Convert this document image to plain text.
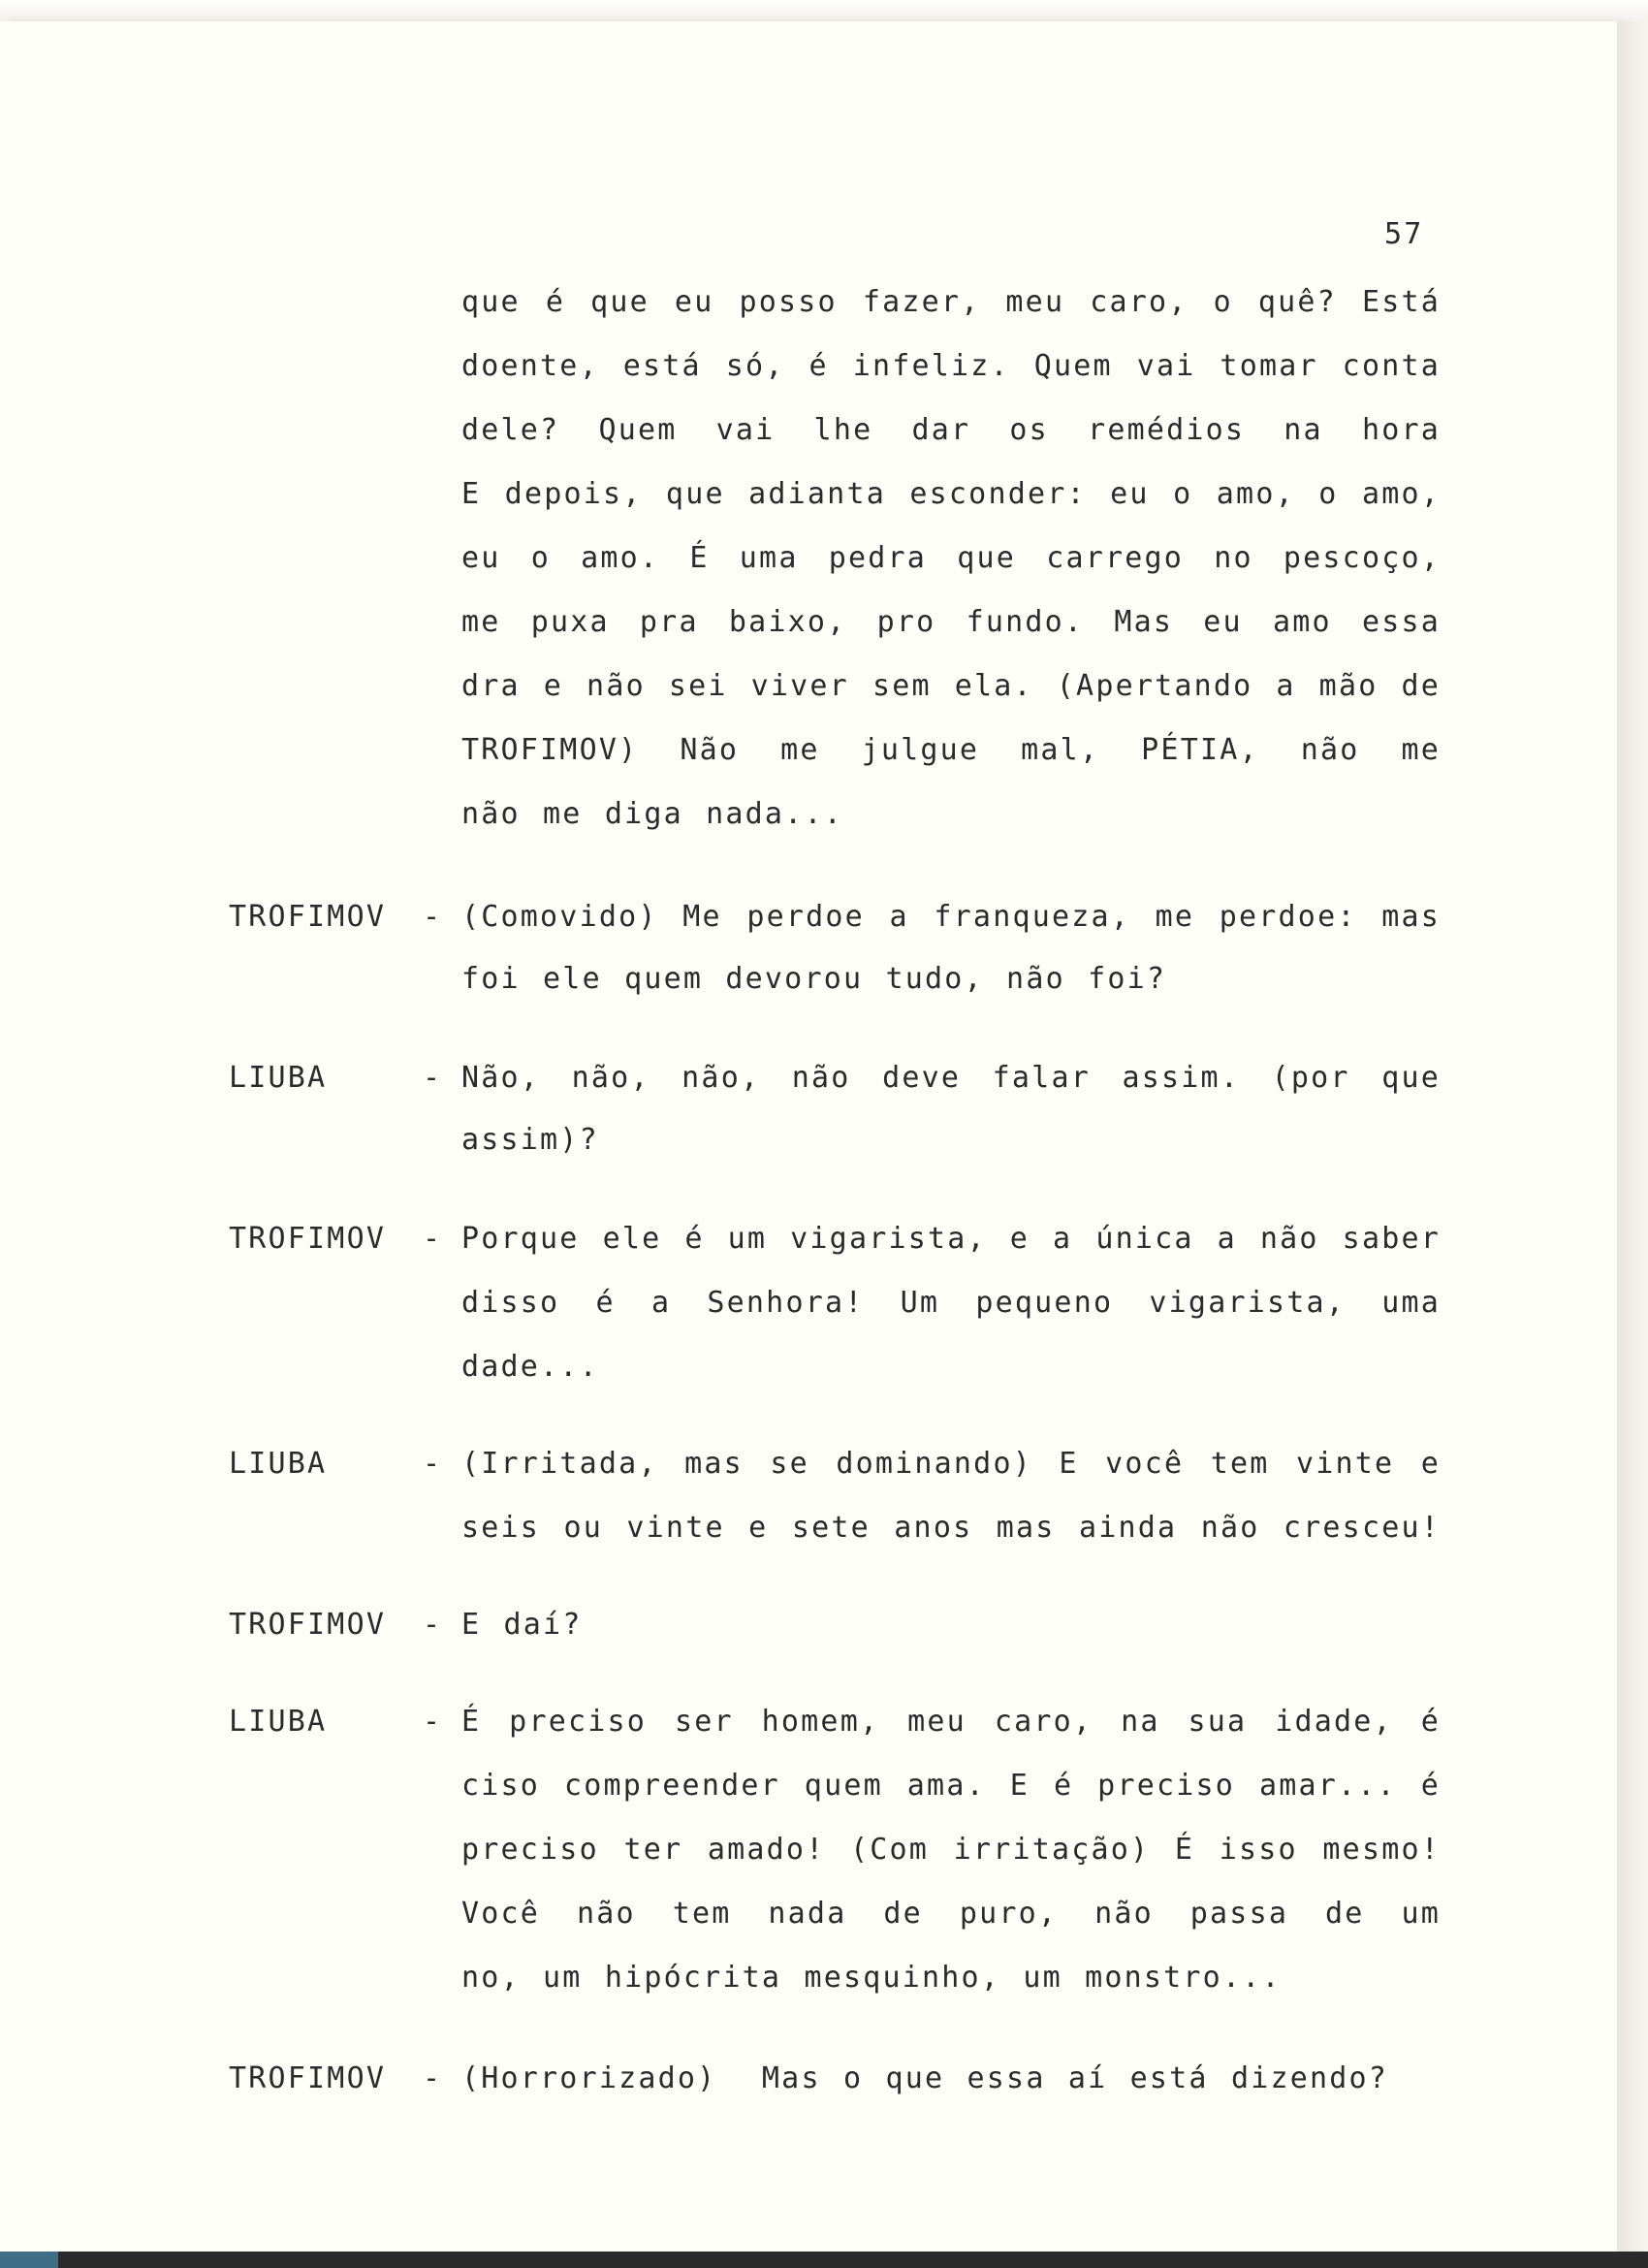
57
que é que eu posso fazer, meu caro, o quê? Está
doente, está só, é infeliz. Quem vai tomar conta
dele? Quem vai lhe dar os remédios na hora
E depois, que adianta esconder: eu o amo, o amo,
eu o amo. É uma pedra que carrego no pescoço,
me puxa pra baixo, pro fundo. Mas eu amo essa
dra e não sei viver sem ela. (Apertando a mão de
TROFIMOV) Não me julgue mal, PÉTIA, não me
não me diga nada...
TROFIMOV	- (Comovido) Me perdoe a franqueza, me perdoe: mas
foi ele quem devorou tudo, não foi?
LIUBA	- Não, não, não, não deve falar assim. (por que
assim)?
TROFIMOV	- Porque ele é um vigarista, e a única a não saber
disso é a Senhora! Um pequeno vigarista, uma
dade...
LIUBA	- (Irritada, mas se dominando) E você tem vinte e
seis ou vinte e sete anos mas ainda não cresceu!
TROFIMOV	- E daí?
LIUBA	- É preciso ser homem, meu caro, na sua idade, é
ciso compreender quem ama. E é preciso amar... é
preciso ter amado! (Com irritação) É isso mesmo!
Você não tem nada de puro, não passa de um
no, um hipócrita mesquinho, um monstro...
TROFIMOV	- (Horrorizado)  Mas o que essa aí está dizendo?
